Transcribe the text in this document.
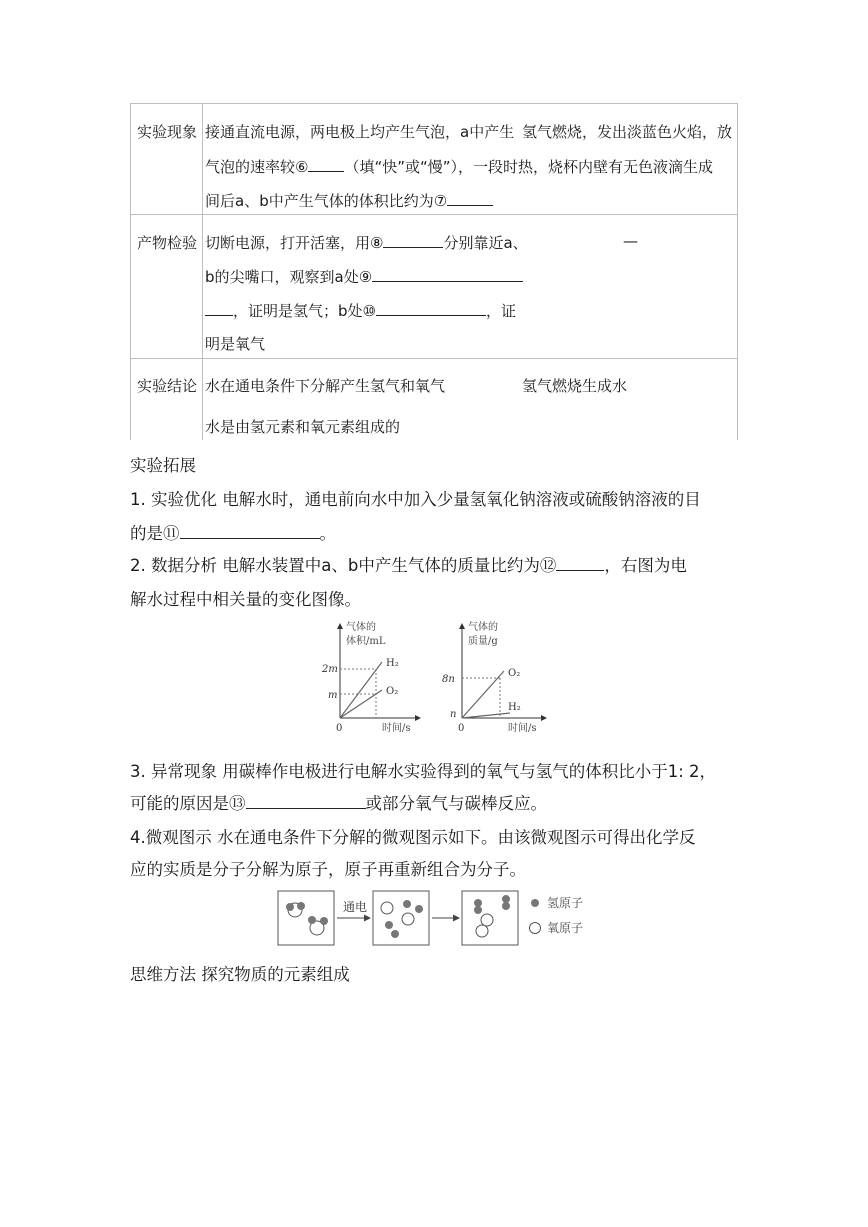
实验现象 接通直流电源，两电极上均产生气泡，a中产生 氢气燃烧，发出淡蓝色火焰，放
气泡的速率较⑥ （填“快”或“慢”），一段时热，烧杯内壁有无色液滴生成
间后a、b中产生气体的体积比约为⑦
产物检验 切断电源，打开活塞，用⑧	分别靠近a、	—
b的尖嘴口，观察到a处⑨
，证明是氢气；b处⑩	，证
明是氧气
实验结论 水在通电条件下分解产生氢气和氧气	氢气燃烧生成水
水是由氢元素和氧元素组成的
实验拓展
1. 实验优化 电解水时，通电前向水中加入少量氢氧化钠溶液或硫酸钠溶液的目
的是⑪	。
2. 数据分析 电解水装置中a、b中产生气体的质量比约为⑫	，右图为电
解水过程中相关量的变化图像。
气体的
体积/mL
2m
m
0	时间/s
H₂
O₂
气体的
质量/g
8n
n
0	时间/s
O₂
H₂
3. 异常现象 用碳棒作电极进行电解水实验得到的氧气与氢气的体积比小于1: 2，
可能的原因是⑬	或部分氧气与碳棒反应。
4.微观图示 水在通电条件下分解的微观图示如下。由该微观图示可得出化学反
应的实质是分子分解为原子，原子再重新组合为分子。
通电	氢原子
氧原子
思维方法 探究物质的元素组成
